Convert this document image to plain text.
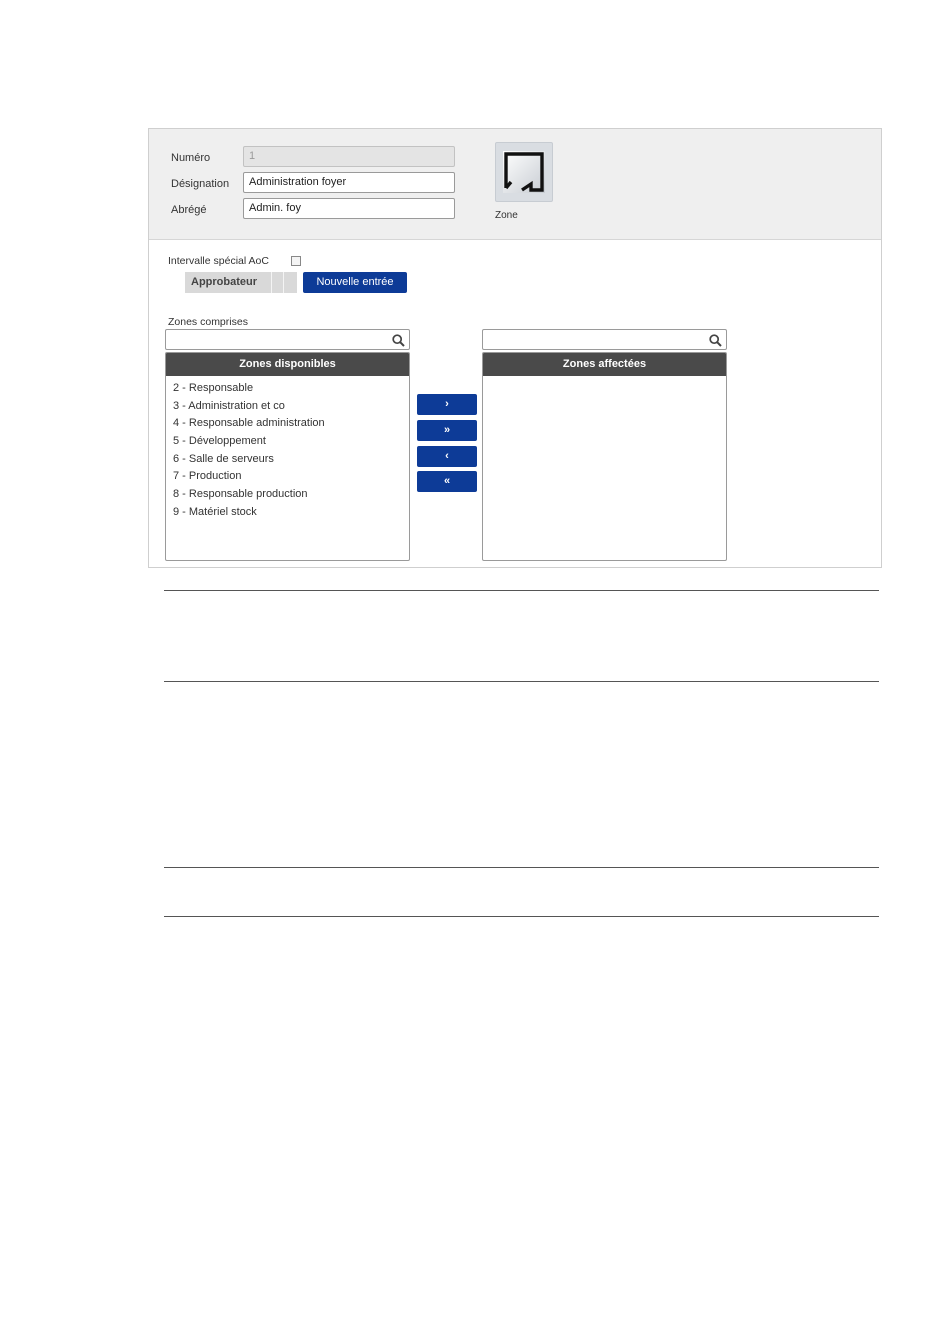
Numéro	1
Désignation	Administration foyer
Abrégé	Admin. foy
Zone
Intervalle spécial AoC
Approbateur	Nouvelle entrée
Zones comprises
Zones disponibles
2 - Responsable
3 - Administration et co
4 - Responsable administration
5 - Développement
6 - Salle de serveurs
7 - Production
8 - Responsable production
9 - Matériel stock
›
»
‹
«
Zones affectées
